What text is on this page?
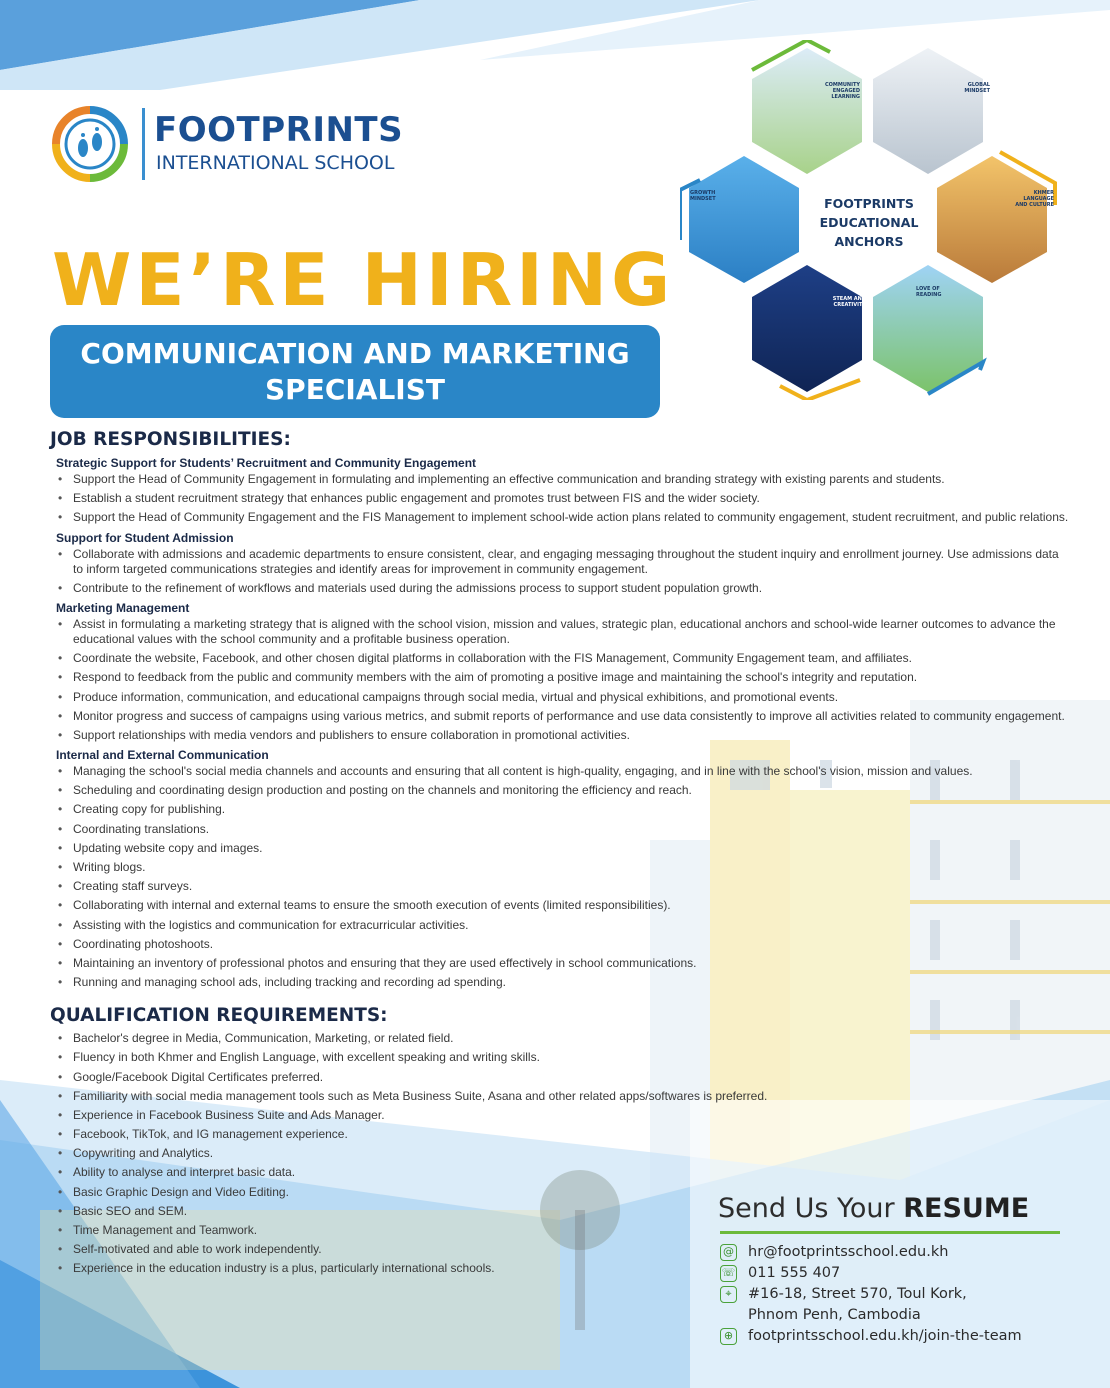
FOOTPRINTS
INTERNATIONAL SCHOOL
WE’RE HIRING
COMMUNICATION AND MARKETING
SPECIALIST
COMMUNITY
ENGAGED
LEARNING
GLOBAL
MINDSET
GROWTH
MINDSET
KHMER
LANGUAGE
AND CULTURE
STEAM AND
CREATIVITY
LOVE OF
READING
FOOTPRINTS
EDUCATIONAL
ANCHORS
JOB RESPONSIBILITIES:
Strategic Support for Students’ Recruitment and Community Engagement
• Support the Head of Community Engagement in formulating and implementing an effective communication and branding strategy with existing parents and students.
• Establish a student recruitment strategy that enhances public engagement and promotes trust between FIS and the wider society.
• Support the Head of Community Engagement and the FIS Management to implement school-wide action plans related to community engagement, student recruitment, and public relations.
Support for Student Admission
• Collaborate with admissions and academic departments to ensure consistent, clear, and engaging messaging throughout the student inquiry and enrollment journey. Use admissions data to inform targeted communications strategies and identify areas for improvement in community engagement.
• Contribute to the refinement of workflows and materials used during the admissions process to support student population growth.
Marketing Management
• Assist in formulating a marketing strategy that is aligned with the school vision, mission and values, strategic plan, educational anchors and school-wide learner outcomes to advance the educational values with the school community and a profitable business operation.
• Coordinate the website, Facebook, and other chosen digital platforms in collaboration with the FIS Management, Community Engagement team, and affiliates.
• Respond to feedback from the public and community members with the aim of promoting a positive image and maintaining the school's integrity and reputation.
• Produce information, communication, and educational campaigns through social media, virtual and physical exhibitions, and promotional events.
• Monitor progress and success of campaigns using various metrics, and submit reports of performance and use data consistently to improve all activities related to community engagement.
• Support relationships with media vendors and publishers to ensure collaboration in promotional activities.
Internal and External Communication
• Managing the school's social media channels and accounts and ensuring that all content is high-quality, engaging, and in line with the school's vision, mission and values.
• Scheduling and coordinating design production and posting on the channels and monitoring the efficiency and reach.
• Creating copy for publishing.
• Coordinating translations.
• Updating website copy and images.
• Writing blogs.
• Creating staff surveys.
• Collaborating with internal and external teams to ensure the smooth execution of events (limited responsibilities).
• Assisting with the logistics and communication for extracurricular activities.
• Coordinating photoshoots.
• Maintaining an inventory of professional photos and ensuring that they are used effectively in school communications.
• Running and managing school ads, including tracking and recording ad spending.
QUALIFICATION REQUIREMENTS:
• Bachelor's degree in Media, Communication, Marketing, or related field.
• Fluency in both Khmer and English Language, with excellent speaking and writing skills.
• Google/Facebook Digital Certificates preferred.
• Familiarity with social media management tools such as Meta Business Suite, Asana and other related apps/softwares is preferred.
• Experience in Facebook Business Suite and Ads Manager.
• Facebook, TikTok, and IG management experience.
• Copywriting and Analytics.
• Ability to analyse and interpret basic data.
• Basic Graphic Design and Video Editing.
• Basic SEO and SEM.
• Time Management and Teamwork.
• Self-motivated and able to work independently.
• Experience in the education industry is a plus, particularly international schools.
Send Us Your RESUME
@ hr@footprintsschool.edu.kh
☏ 011 555 407
⌖	#16-18, Street 570, Toul Kork,
Phnom Penh, Cambodia
⊕ footprintsschool.edu.kh/join-the-team
